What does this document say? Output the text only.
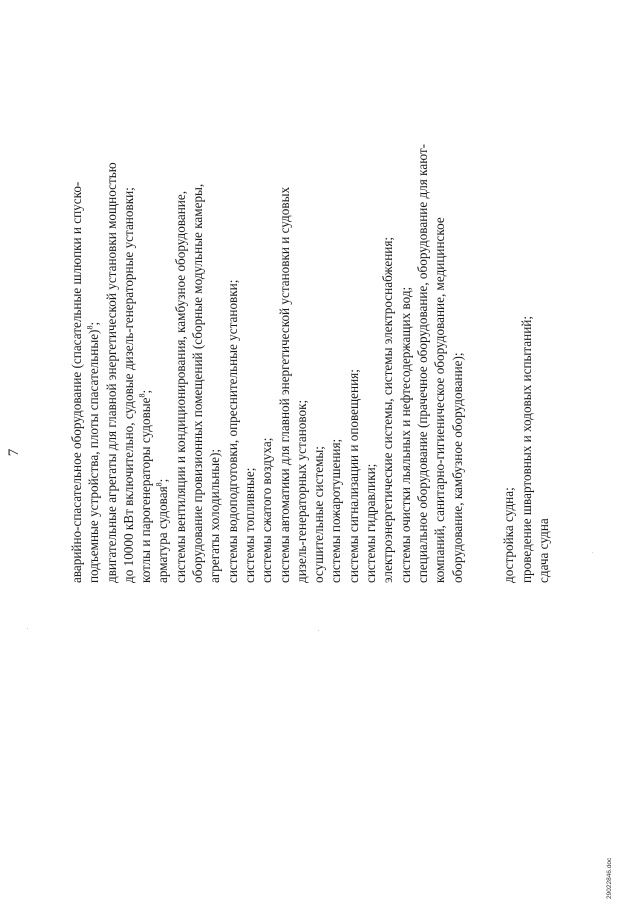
7	аварийно-спасательное оборудование (спасательные шлюпки и спуско- подъемные устройства, плоты спасательные)$^8$; двигательные агрегаты для главной энергетической установки мощностью до 10000 кВт включительно, судовые дизель-генераторные установки; котлы и парогенераторы судовые$^8$;
арматура судовая$^8$; системы вентиляции и кондиционирования, камбузное оборудование, оборудование провизионных помещений (сборные модульные камеры, агрегаты холодильные); системы водоподготовки, опреснительные установки; системы топливные; системы сжатого воздуха; системы автоматики для главной энергетической установки и судовых дизель-генераторных установок; осушительные системы; системы пожаротушения; системы сигнализации и оповещения; системы гидравлики; электроэнергетические системы, системы электроснабжения; системы очистки льяльных и нефтесодержащих вод; специальное оборудование (прачечное оборудование, оборудование для кают- компаний, санитарно-гигиеническое оборудование, медицинское оборудование, камбузное оборудование);	достройка судна; проведение швартовных и ходовых испытаний; сдача судна
29022846.doc
